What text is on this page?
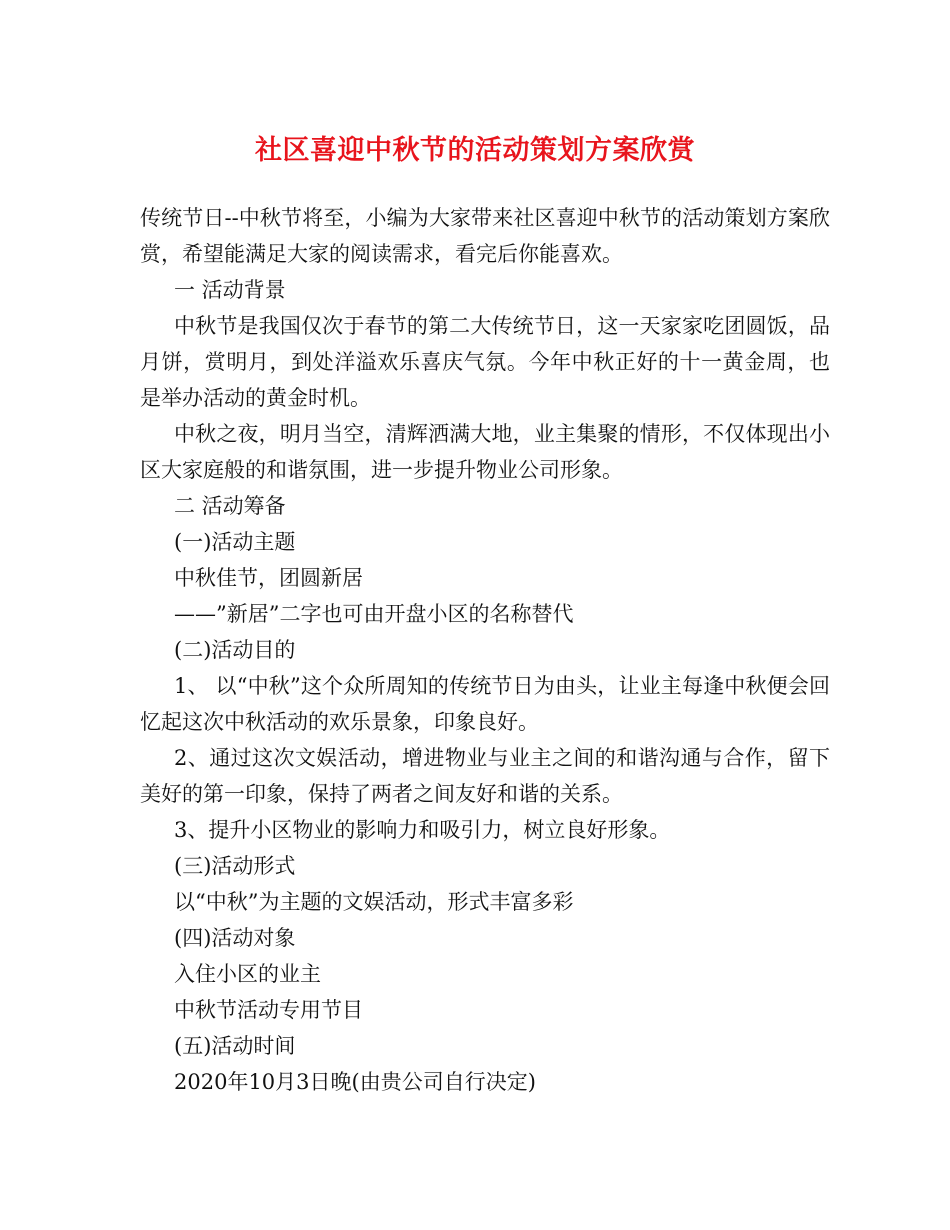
社区喜迎中秋节的活动策划方案欣赏

传统节日--中秋节将至，小编为大家带来社区喜迎中秋节的活动策划方案欣赏，希望能满足大家的阅读需求，看完后你能喜欢。

一 活动背景

中秋节是我国仅次于春节的第二大传统节日，这一天家家吃团圆饭，品月饼，赏明月，到处洋溢欢乐喜庆气氛。今年中秋正好的十一黄金周，也是举办活动的黄金时机。

中秋之夜，明月当空，清辉洒满大地，业主集聚的情形，不仅体现出小区大家庭般的和谐氛围，进一步提升物业公司形象。

二 活动筹备

(一)活动主题

中秋佳节，团圆新居

——”新居”二字也可由开盘小区的名称替代

(二)活动目的

1、 以“中秋”这个众所周知的传统节日为由头，让业主每逢中秋便会回忆起这次中秋活动的欢乐景象，印象良好。

2、通过这次文娱活动，增进物业与业主之间的和谐沟通与合作，留下美好的第一印象，保持了两者之间友好和谐的关系。

3、提升小区物业的影响力和吸引力，树立良好形象。

(三)活动形式

以“中秋”为主题的文娱活动，形式丰富多彩

(四)活动对象

入住小区的业主

中秋节活动专用节目

(五)活动时间

2020年10月3日晚(由贵公司自行决定)
